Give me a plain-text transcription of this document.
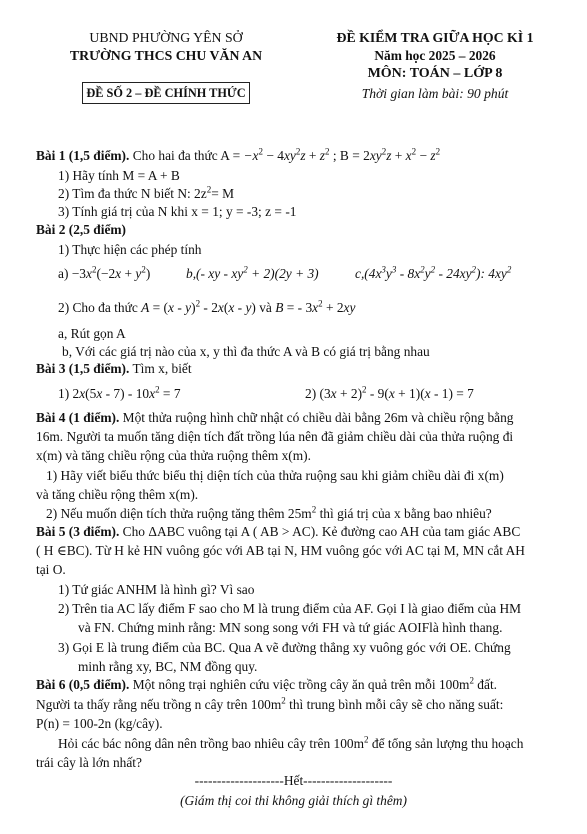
UBND PHƯỜNG YÊN SỞ
TRƯỜNG THCS CHU VĂN AN
ĐỀ SỐ 2 – ĐỀ CHÍNH THỨC
ĐỀ KIỂM TRA GIỮA HỌC KÌ 1
Năm học 2025 – 2026
MÔN: TOÁN – LỚP 8
Thời gian làm bài: 90 phút
Bài 1 (1,5 điểm). Cho hai đa thức $A = -x^2 - 4xy^2z + z^2$ ; $B = 2xy^2z + x^2 - z^2$
1) Hãy tính M = A + B
2) Tìm đa thức N biết N: $2z^2= M$
3) Tính giá trị của N khi x = 1; y = -3; z = -1
Bài 2 (2,5 điểm)
1) Thực hiện các phép tính
$a) -3x^2(-2x + y^2)$	b,(- xy - $xy^2 + 2)(2y + 3)$	$c,(4x^3y^3 - 8x^2y^2 - 24xy^2)$: $4xy^2$
2) Cho đa thức A = (x - y)$^2$ - 2x(x - y) và B = - $3x^2 + 2xy$
a, Rút gọn A
b, Với các giá trị nào của x, y thì đa thức A và B có giá trị bằng nhau
Bài 3 (1,5 điểm). Tìm x, biết
1) $2x(5x - 7) - 10x^2 = 7$	2) $(3x + 2)^2 - 9(x + 1)(x - 1) = 7$
Bài 4 (1 điểm). Một thửa ruộng hình chữ nhật có chiều dài bằng 26m và chiều rộng bằng
16m. Người ta muốn tăng diện tích đất trồng lúa nên đã giảm chiều dài của thửa ruộng đi
x(m) và tăng chiều rộng của thửa ruộng thêm x(m).
1) Hãy viết biểu thức biểu thị diện tích của thửa ruộng sau khi giảm chiều dài đi x(m)
và tăng chiều rộng thêm x(m).
2) Nếu muốn diện tích thửa ruộng tăng thêm $25m^2$ thì giá trị của x bằng bao nhiêu?
Bài 5 (3 điểm). Cho ΔABC vuông tại A ( AB > AC). Kẻ đường cao AH của tam giác ABC
( H ∈BC). Từ H kẻ HN vuông góc với AB tại N, HM vuông góc với AC tại M, MN cắt AH
tại O.
1) Tứ giác ANHM là hình gì? Vì sao
2) Trên tia AC lấy điểm F sao cho M là trung điểm của AF. Gọi I là giao điểm của HM
và FN. Chứng minh rằng: MN song song với FH và tứ giác AOIFlà hình thang.
3) Gọi E là trung điểm của BC. Qua A vẽ đường thẳng xy vuông góc với OE. Chứng
minh rằng xy, BC, NM đồng quy.
Bài 6 (0,5 điểm). Một nông trại nghiên cứu việc trồng cây ăn quả trên mỗi $100m^2$ đất.
Người ta thấy rằng nếu trồng n cây trên $100m^2$ thì trung bình mỗi cây sẽ cho năng suất:
P(n) = 100-2n (kg/cây).
Hỏi các bác nông dân nên trồng bao nhiêu cây trên $100m^2$ để tổng sản lượng thu hoạch
trái cây là lớn nhất?
--------------------Hết--------------------
(Giám thị coi thi không giải thích gì thêm)
